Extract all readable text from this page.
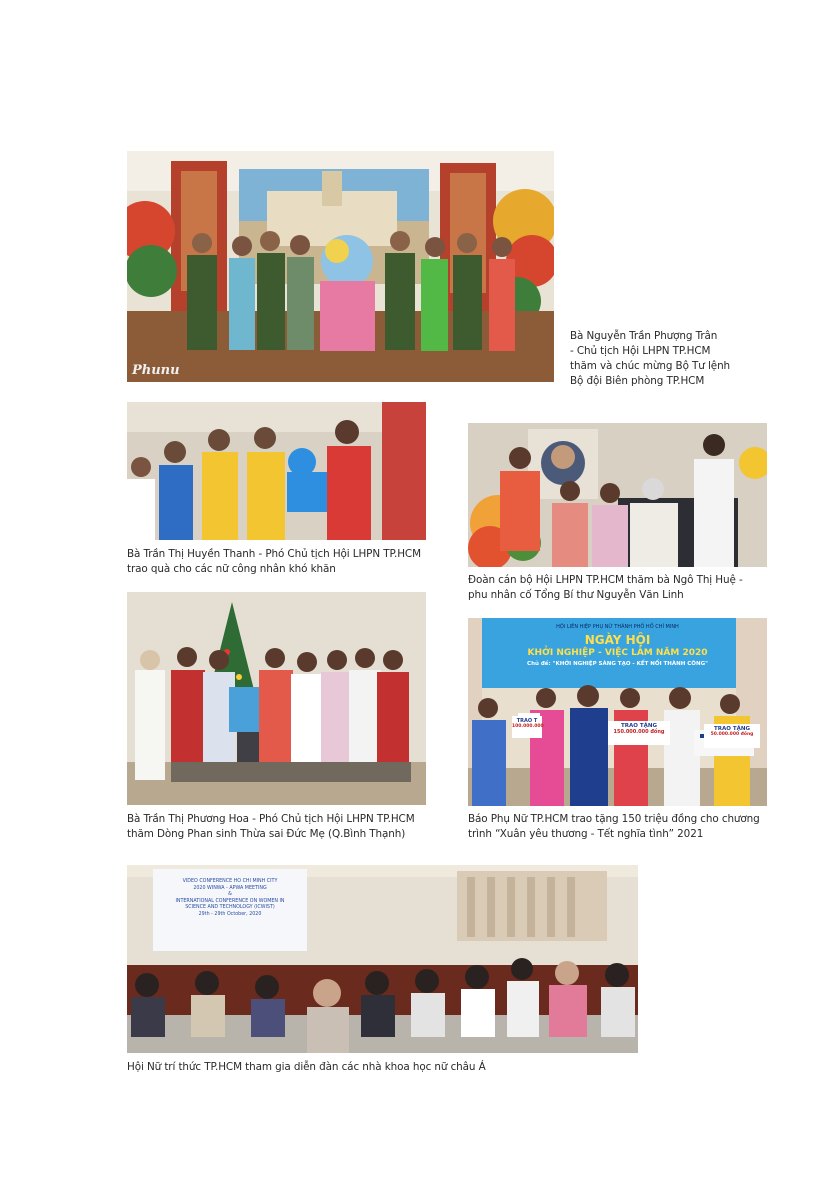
Phunu

Bà Nguyễn Trần Phượng Trân
- Chủ tịch Hội LHPN TP.HCM
thăm và chúc mừng Bộ Tư lệnh
Bộ đội Biên phòng TP.HCM

Bà Trần Thị Huyền Thanh - Phó Chủ tịch Hội LHPN TP.HCM
trao quà cho các nữ công nhân khó khăn

Đoàn cán bộ Hội LHPN TP.HCM thăm bà Ngô Thị Huệ -
phu nhân cố Tổng Bí thư Nguyễn Văn Linh

Bà Trần Thị Phương Hoa - Phó Chủ tịch Hội LHPN TP.HCM
thăm Dòng Phan sinh Thừa sai Đức Mẹ (Q.Bình Thạnh)

HỘI LIÊN HIỆP PHỤ NỮ THÀNH PHỐ HỒ CHÍ MINH
NGÀY HỘI
KHỞI NGHIỆP - VIỆC LÀM NĂM 2020
Chủ đề: "KHỞI NGHIỆP SÁNG TẠO - KẾT NỐI THÀNH CÔNG"
TRAO TẶNG
150.000.000 đồng	TRAO TẶNG
50.000.000 đồng
TRAO T
100.000.000

Báo Phụ Nữ TP.HCM trao tặng 150 triệu đồng cho chương
trình “Xuân yêu thương - Tết nghĩa tình” 2021

VIDEO CONFERENCE HO CHI MINH CITY
2020 WINWA - APWA MEETING
&
INTERNATIONAL CONFERENCE ON WOMEN IN
SCIENCE AND TECHNOLOGY (ICWIST)
29th - 29th October, 2020

Hội Nữ trí thức TP.HCM tham gia diễn đàn các nhà khoa học nữ châu Á
